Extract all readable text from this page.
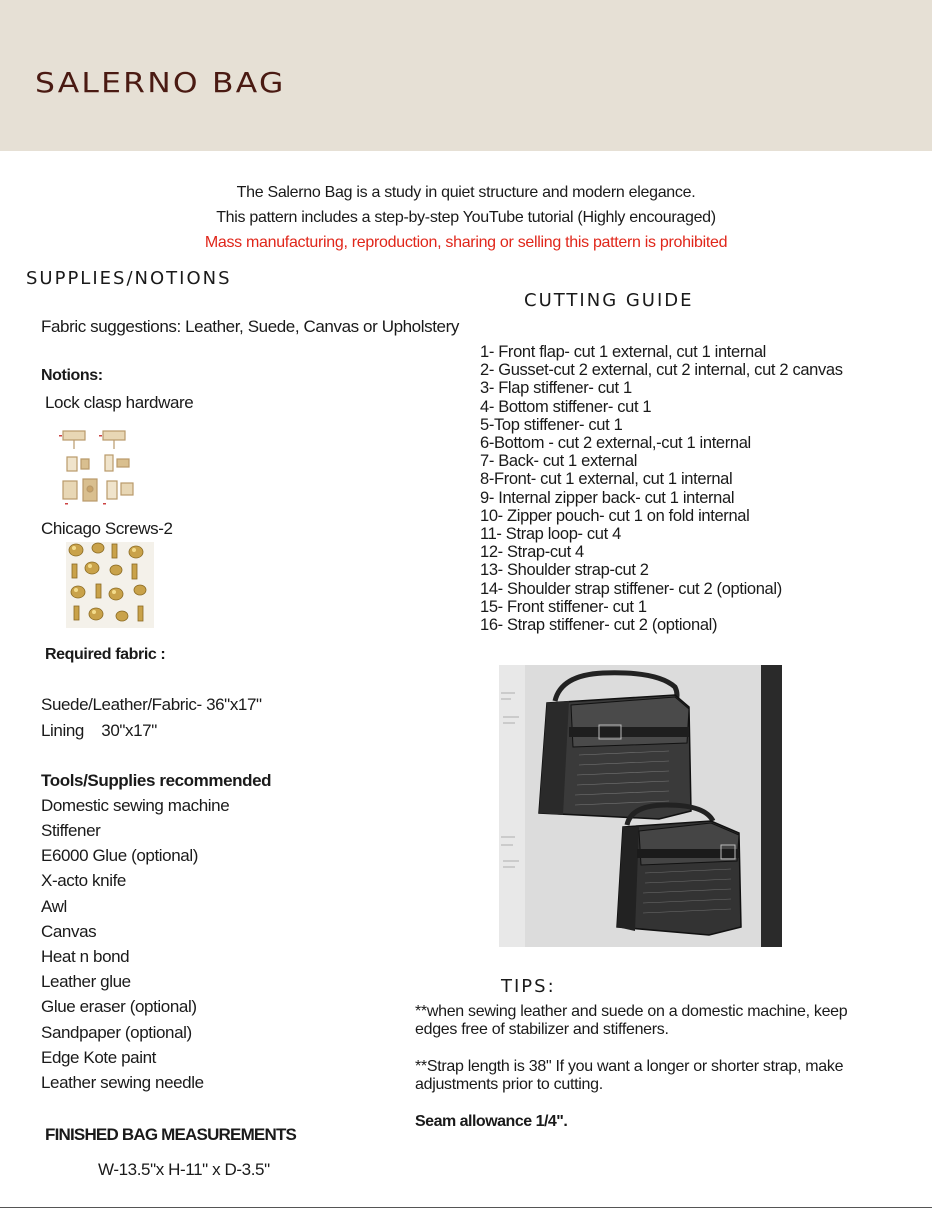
SALERNO BAG
The Salerno Bag is a study in quiet structure and modern elegance.
This pattern includes a step-by-step YouTube tutorial (Highly encouraged)
Mass manufacturing, reproduction, sharing or selling this pattern is prohibited
SUPPLIES/NOTIONS
Fabric suggestions: Leather, Suede, Canvas or Upholstery
Notions:
Lock clasp hardware
Chicago Screws-2
Required fabric :
Suede/Leather/Fabric- 36"x17"
Lining    30"x17"
Tools/Supplies recommended
Domestic sewing machine
Stiffener
E6000 Glue (optional)
X-acto knife
Awl
Canvas
Heat n bond
Leather glue
Glue eraser (optional)
Sandpaper (optional)
Edge Kote paint
Leather sewing needle
FINISHED BAG MEASUREMENTS
W-13.5"x H-11" x D-3.5"
CUTTING GUIDE
1- Front flap- cut 1 external, cut 1 internal
2- Gusset-cut 2 external, cut 2 internal, cut 2 canvas
3- Flap stiffener- cut 1
4- Bottom stiffener- cut 1
5-Top stiffener- cut 1
6-Bottom - cut 2 external,-cut 1 internal
7- Back- cut 1 external
8-Front- cut 1 external, cut 1 internal
9- Internal zipper back- cut 1 internal
10- Zipper pouch- cut 1 on fold internal
11- Strap loop- cut 4
12- Strap-cut 4
13- Shoulder strap-cut 2
14- Shoulder strap stiffener- cut 2 (optional)
15- Front stiffener- cut 1
16- Strap stiffener- cut 2 (optional)
TIPS:

**when sewing leather and suede on a domestic machine, keep edges free of stabilizer and stiffeners.

**Strap length is 38" If you want a longer or shorter strap, make adjustments prior to cutting.

Seam allowance 1/4".
